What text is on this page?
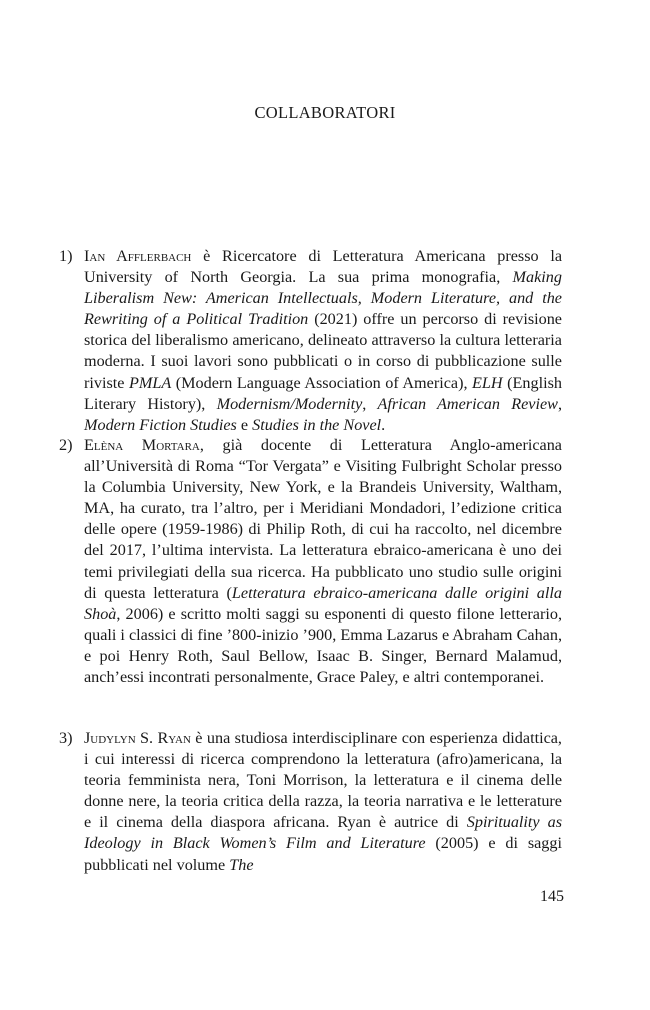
COLLABORATORI
1) Ian Afflerbach è Ricercatore di Letteratura Americana presso la University of North Georgia. La sua prima monografia, Making Liberalism New: American Intellectuals, Modern Literature, and the Rewriting of a Political Tradition (2021) offre un percorso di revisione storica del liberalismo americano, delineato attraverso la cultura letteraria moderna. I suoi lavori sono pubblicati o in corso di pubblicazione sulle riviste PMLA (Modern Language Association of America), ELH (English Literary History), Modernism/Modernity, African American Review, Modern Fiction Studies e Studies in the Novel.

2) Elèna Mortara, già docente di Letteratura Anglo-americana all’Università di Roma “Tor Vergata” e Visiting Fulbright Scholar presso la Columbia University, New York, e la Brandeis University, Waltham, MA, ha curato, tra l’altro, per i Meridiani Mondadori, l’edizione critica delle opere (1959-1986) di Philip Roth, di cui ha raccolto, nel dicembre del 2017, l’ultima intervista. La letteratura ebraico-americana è uno dei temi privilegiati della sua ricerca. Ha pubblicato uno studio sulle origini di questa letteratura (Letteratura ebraico-americana dalle origini alla Shoà, 2006) e scritto molti saggi su esponenti di questo filone letterario, quali i classici di fine ’800-inizio ’900, Emma Lazarus e Abraham Cahan, e poi Henry Roth, Saul Bellow, Isaac B. Singer, Bernard Malamud, anch’essi incontrati personalmente, Grace Paley, e altri contemporanei.

3) Judylyn S. Ryan è una studiosa interdisciplinare con esperienza didattica, i cui interessi di ricerca comprendono la letteratura (afro)americana, la teoria femminista nera, Toni Morrison, la letteratura e il cinema delle donne nere, la teoria critica della razza, la teoria narrativa e le letterature e il cinema della diaspora africana. Ryan è autrice di Spirituality as Ideology in Black Women’s Film and Literature (2005) e di saggi pubblicati nel volume The

145
